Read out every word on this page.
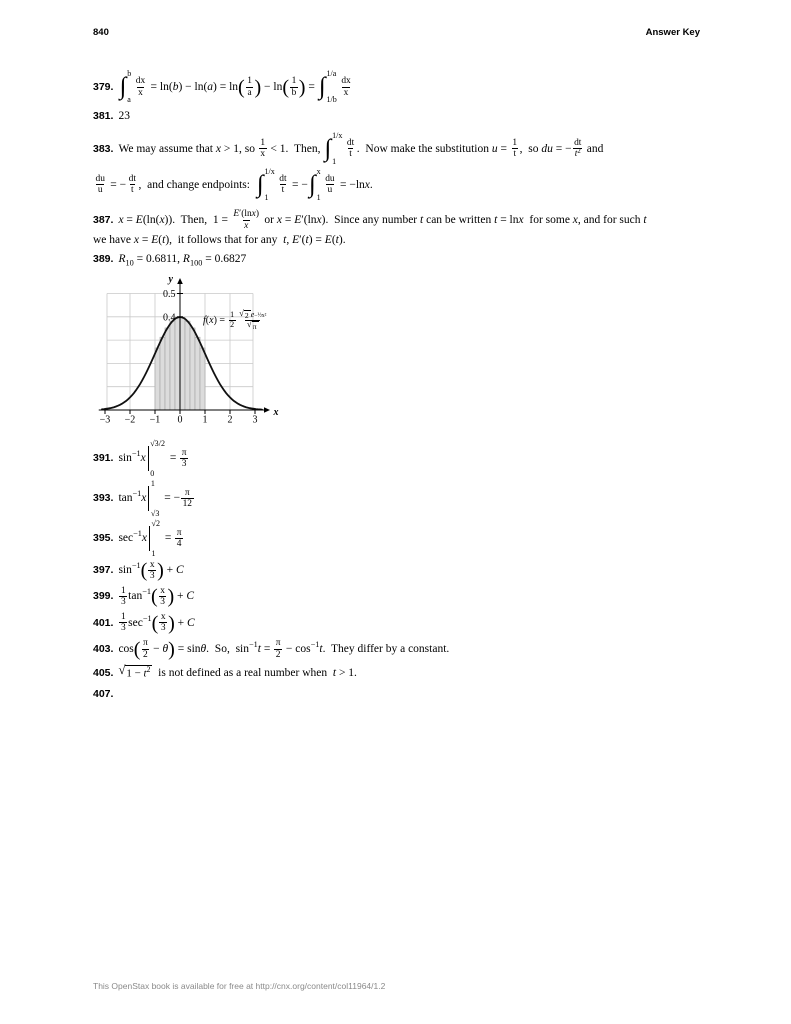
840	Answer Key
379. ∫ b
a
$\frac{dx}{x} = \ln(b) - \ln(a) = \ln( \frac{1}{a}$ ) − $\ln( \frac{1}{b}$ ) = ∫ 1/a
1/b
$\frac{dx}{x}$
381. 23
383. We may assume that x > 1, so $\frac{1}{x} < 1$.  Then, ∫ 1/x
1
$\frac{dt}{t}$ .  Now make the substitution $u = \frac{1}{t}$ ,  so du = − $\frac{dt}{t 2}$ and
$\frac{du}{u}$ = − $\frac{dt}{t}$ ,  and change endpoints: ∫ 1/x
1
$\frac{dt}{t}$ = − ∫ x
1
$\frac{du}{u} = -\ln x$.
387. x = E(ln(x)).  Then,  $1 = \frac{\text{E ′(ln x )}}{x}$ or x = E′(lnx).  Since any number t can be written t = lnx  for some x, and for such t
we have x = E(t),  it follows that for any  t, E′(t) = E(t).
389. $R_{10} = 0.6811$, $R_{100} = 0.6827$
−3 −2 −1 0 1 2 3
0.4
0.5
y
x
f ( x ) = $\frac{1}{2} \frac{\text{√ 2 e −½x²}}{√ \pi}$
391. $\sin^{-1}x$
√3/2
0
= $\frac{\pi}{3}$
393. $\tan^{-1}x$
1
√3
= − $\frac{\pi}{12}$
395. $\sec^{-1}x$
√2
1
= $\frac{\pi}{4}$
397. $\sin^{-1}( \frac{x}{3}$ ) + C
399. $\frac{1}{3} \tan^{-1}( \frac{x}{3}$ ) + C
401. $\frac{1}{3} \sec^{-1}( \frac{x}{3}$ ) + C
403. $\cos( \frac{\pi}{2} - \theta) = \sin\theta$.  So,  $\sin^{-1}t = \frac{\pi}{2} - \cos^{-1}t$.  They differ by a constant.
405. √ $1 - t^2$ is not defined as a real number when  t > 1.
407.
This OpenStax book is available for free at http://cnx.org/content/col11964/1.2
